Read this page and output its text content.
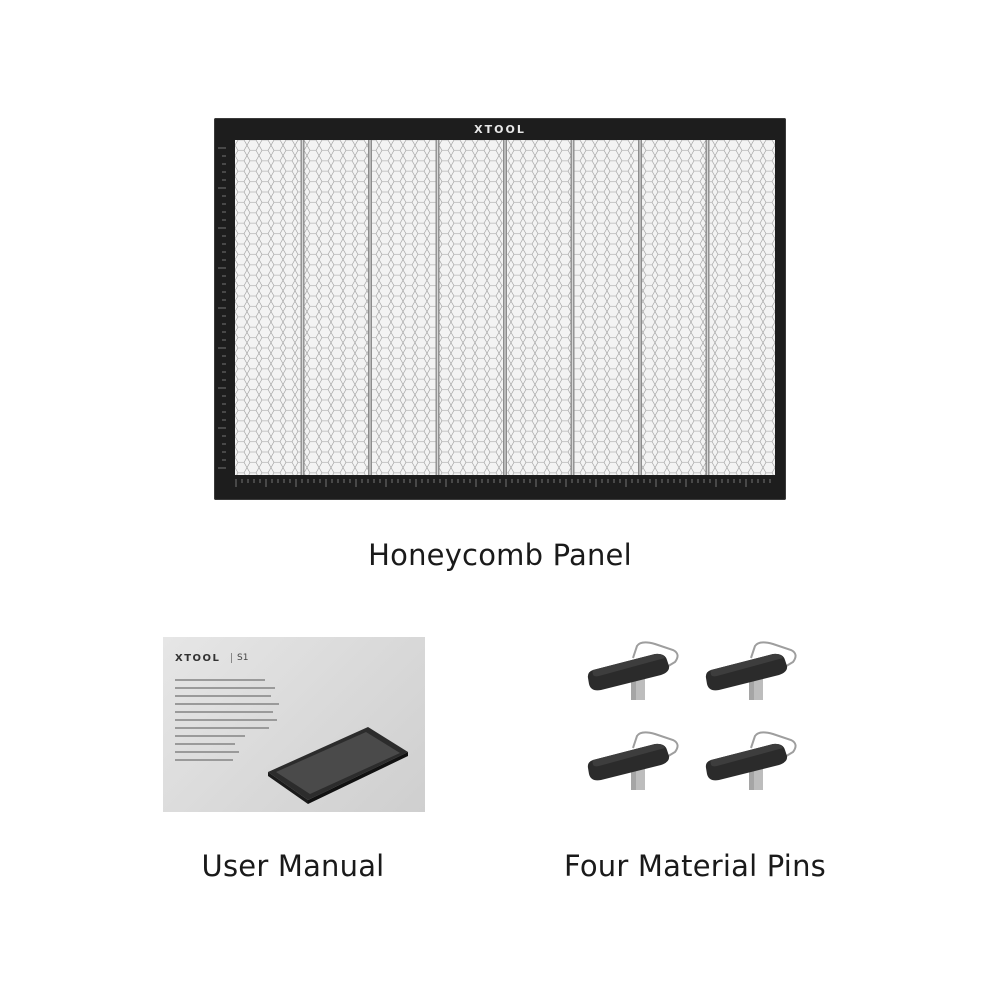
XTOOL
Honeycomb Panel
XTOOL	S1
User Manual	Four Material Pins
